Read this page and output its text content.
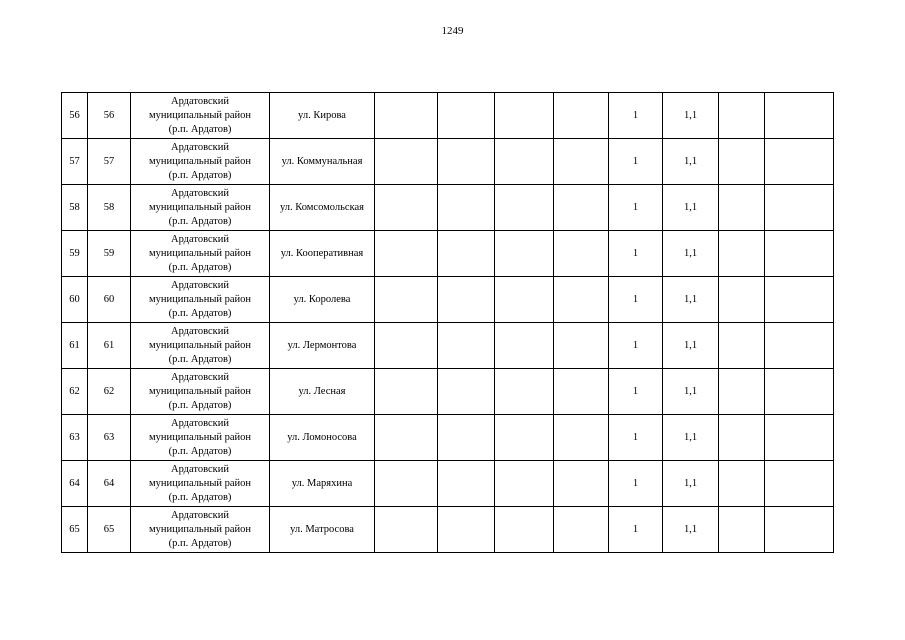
1249
56	56	Ардатовский
муниципальный район
(р.п. Ардатов)	ул. Кирова					1	1,1		
57	57	Ардатовский
муниципальный район
(р.п. Ардатов)	ул. Коммунальная					1	1,1		
58	58	Ардатовский
муниципальный район
(р.п. Ардатов)	ул. Комсомольская					1	1,1		
59	59	Ардатовский
муниципальный район
(р.п. Ардатов)	ул. Кооперативная					1	1,1		
60	60	Ардатовский
муниципальный район
(р.п. Ардатов)	ул. Королева					1	1,1		
61	61	Ардатовский
муниципальный район
(р.п. Ардатов)	ул. Лермонтова					1	1,1		
62	62	Ардатовский
муниципальный район
(р.п. Ардатов)	ул. Лесная					1	1,1		
63	63	Ардатовский
муниципальный район
(р.п. Ардатов)	ул. Ломоносова					1	1,1		
64	64	Ардатовский
муниципальный район
(р.п. Ардатов)	ул. Маряхина					1	1,1		
65	65	Ардатовский
муниципальный район
(р.п. Ардатов)	ул. Матросова					1	1,1		
